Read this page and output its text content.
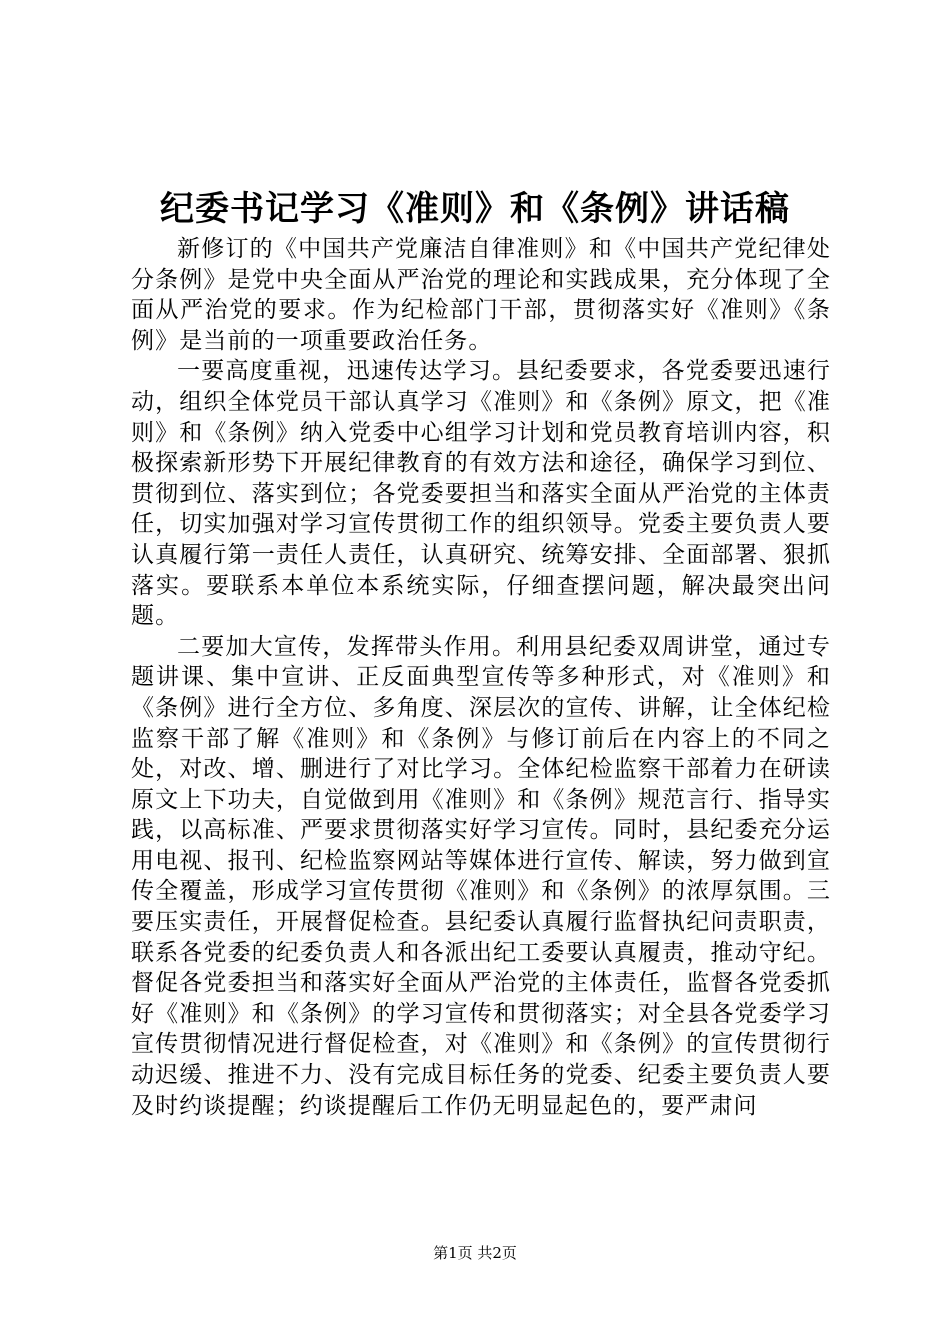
纪委书记学习《准则》和《条例》讲话稿

新修订的《中国共产党廉洁自律准则》和《中国共产党纪律处分条例》是党中央全面从严治党的理论和实践成果，充分体现了全面从严治党的要求。作为纪检部门干部，贯彻落实好《准则》《条例》是当前的一项重要政治任务。

一要高度重视，迅速传达学习。县纪委要求，各党委要迅速行动，组织全体党员干部认真学习《准则》和《条例》原文，把《准则》和《条例》纳入党委中心组学习计划和党员教育培训内容，积极探索新形势下开展纪律教育的有效方法和途径，确保学习到位、贯彻到位、落实到位；各党委要担当和落实全面从严治党的主体责任，切实加强对学习宣传贯彻工作的组织领导。党委主要负责人要认真履行第一责任人责任，认真研究、统筹安排、全面部署、狠抓落实。要联系本单位本系统实际，仔细查摆问题，解决最突出问题。

二要加大宣传，发挥带头作用。利用县纪委双周讲堂，通过专题讲课、集中宣讲、正反面典型宣传等多种形式，对《准则》和《条例》进行全方位、多角度、深层次的宣传、讲解，让全体纪检监察干部了解《准则》和《条例》与修订前后在内容上的不同之处，对改、增、删进行了对比学习。全体纪检监察干部着力在研读原文上下功夫，自觉做到用《准则》和《条例》规范言行、指导实践，以高标准、严要求贯彻落实好学习宣传。同时，县纪委充分运用电视、报刊、纪检监察网站等媒体进行宣传、解读，努力做到宣传全覆盖，形成学习宣传贯彻《准则》和《条例》的浓厚氛围。三要压实责任，开展督促检查。县纪委认真履行监督执纪问责职责，联系各党委的纪委负责人和各派出纪工委要认真履责，推动守纪。督促各党委担当和落实好全面从严治党的主体责任，监督各党委抓好《准则》和《条例》的学习宣传和贯彻落实；对全县各党委学习宣传贯彻情况进行督促检查，对《准则》和《条例》的宣传贯彻行动迟缓、推进不力、没有完成目标任务的党委、纪委主要负责人要及时约谈提醒；约谈提醒后工作仍无明显起色的，要严肃问

第1页 共2页
